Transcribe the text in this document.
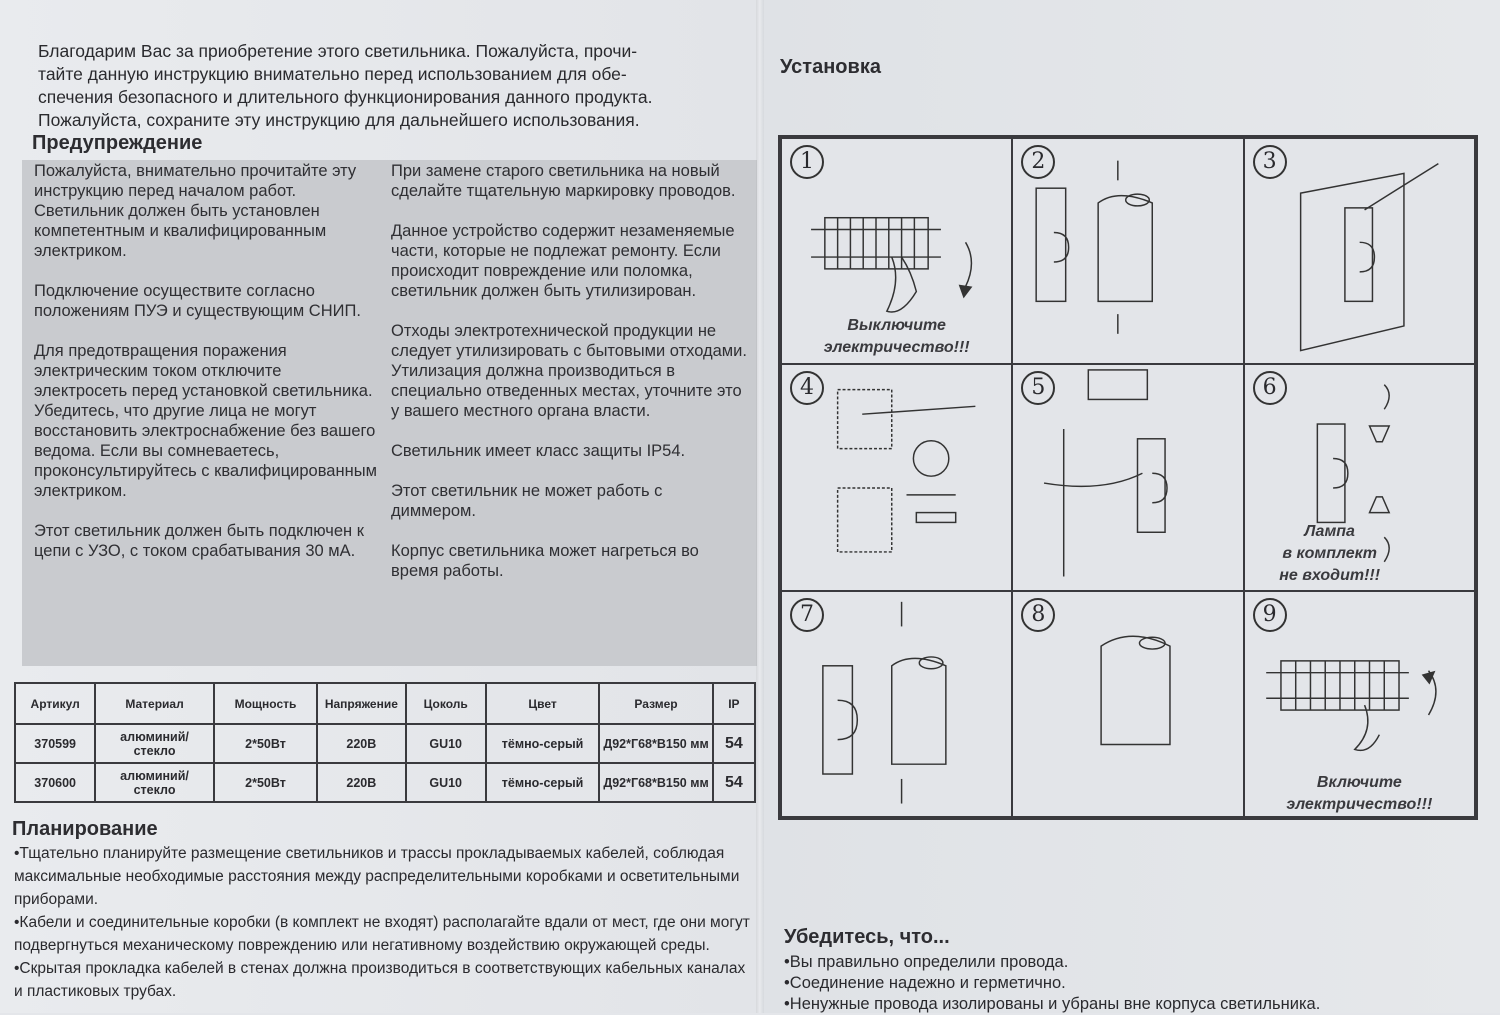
Благодарим Вас за приобретение этого светильника. Пожалуйста, прочи-

тайте данную инструкцию внимательно перед использованием для обе-

спечения безопасного и длительного функционирования данного продукта.

Пожалуйста, сохраните эту инструкцию для дальнейшего использования.

Предупреждение

Пожалуйста, внимательно прочитайте эту инструкцию перед началом работ. Светильник должен быть установлен компетентным и квалифицированным электриком.

Подключение осуществите согласно положениям ПУЭ и существующим СНИП.

Для предотвращения поражения электрическим током отключите электросеть перед установкой светильника. Убедитесь, что другие лица не могут восстановить электроснабжение без вашего ведома. Если вы сомневаетесь, проконсультируйтесь с квалифицированным электриком.

Этот светильник должен быть подключен к цепи с УЗО, с током срабатывания 30 мА.

При замене старого светильника на новый сделайте тщательную маркировку проводов.

Данное устройство содержит незаменяемые части, которые не подлежат ремонту. Если происходит повреждение или поломка, светильник должен быть утилизирован.

Отходы электротехнической продукции не следует утилизировать с бытовыми отходами. Утилизация должна производиться в специально отведенных местах, уточните это у вашего местного органа власти.

Светильник имеет класс защиты IP54.

Этот светильник не может работь с диммером.

Корпус светильника может нагреться во время работы.

Артикул	Материал	Мощность	Напряжение	Цоколь	Цвет	Размер	IP
370599	алюминий/ стекло	2*50Вт	220В	GU10	тёмно-серый	Д92*Г68*В150 мм	54
370600	алюминий/ стекло	2*50Вт	220В	GU10	тёмно-серый	Д92*Г68*В150 мм	54
Планирование

•Тщательно планируйте размещение светильников и трассы прокладываемых кабелей, соблюдая максимальные необходимые расстояния между распределительными коробками и осветительными приборами.

•Кабели и соединительные коробки (в комплект не входят) располагайте вдали от мест, где они могут подвергнуться механическому повреждению или негативному воздействию окружающей среды.

•Скрытая прокладка кабелей в стенах должна производиться в соответствующих кабельных каналах и пластиковых трубах.

Установка
1
Выключите
электричество!!!
2	3
4	5	6
Лампа
в комплект
не входит!!!
7	8	9
Включите
электричество!!!
Убедитесь, что...

•Вы правильно определили провода.

•Соединение надежно и герметично.

•Ненужные провода изолированы и убраны вне корпуса светильника.
